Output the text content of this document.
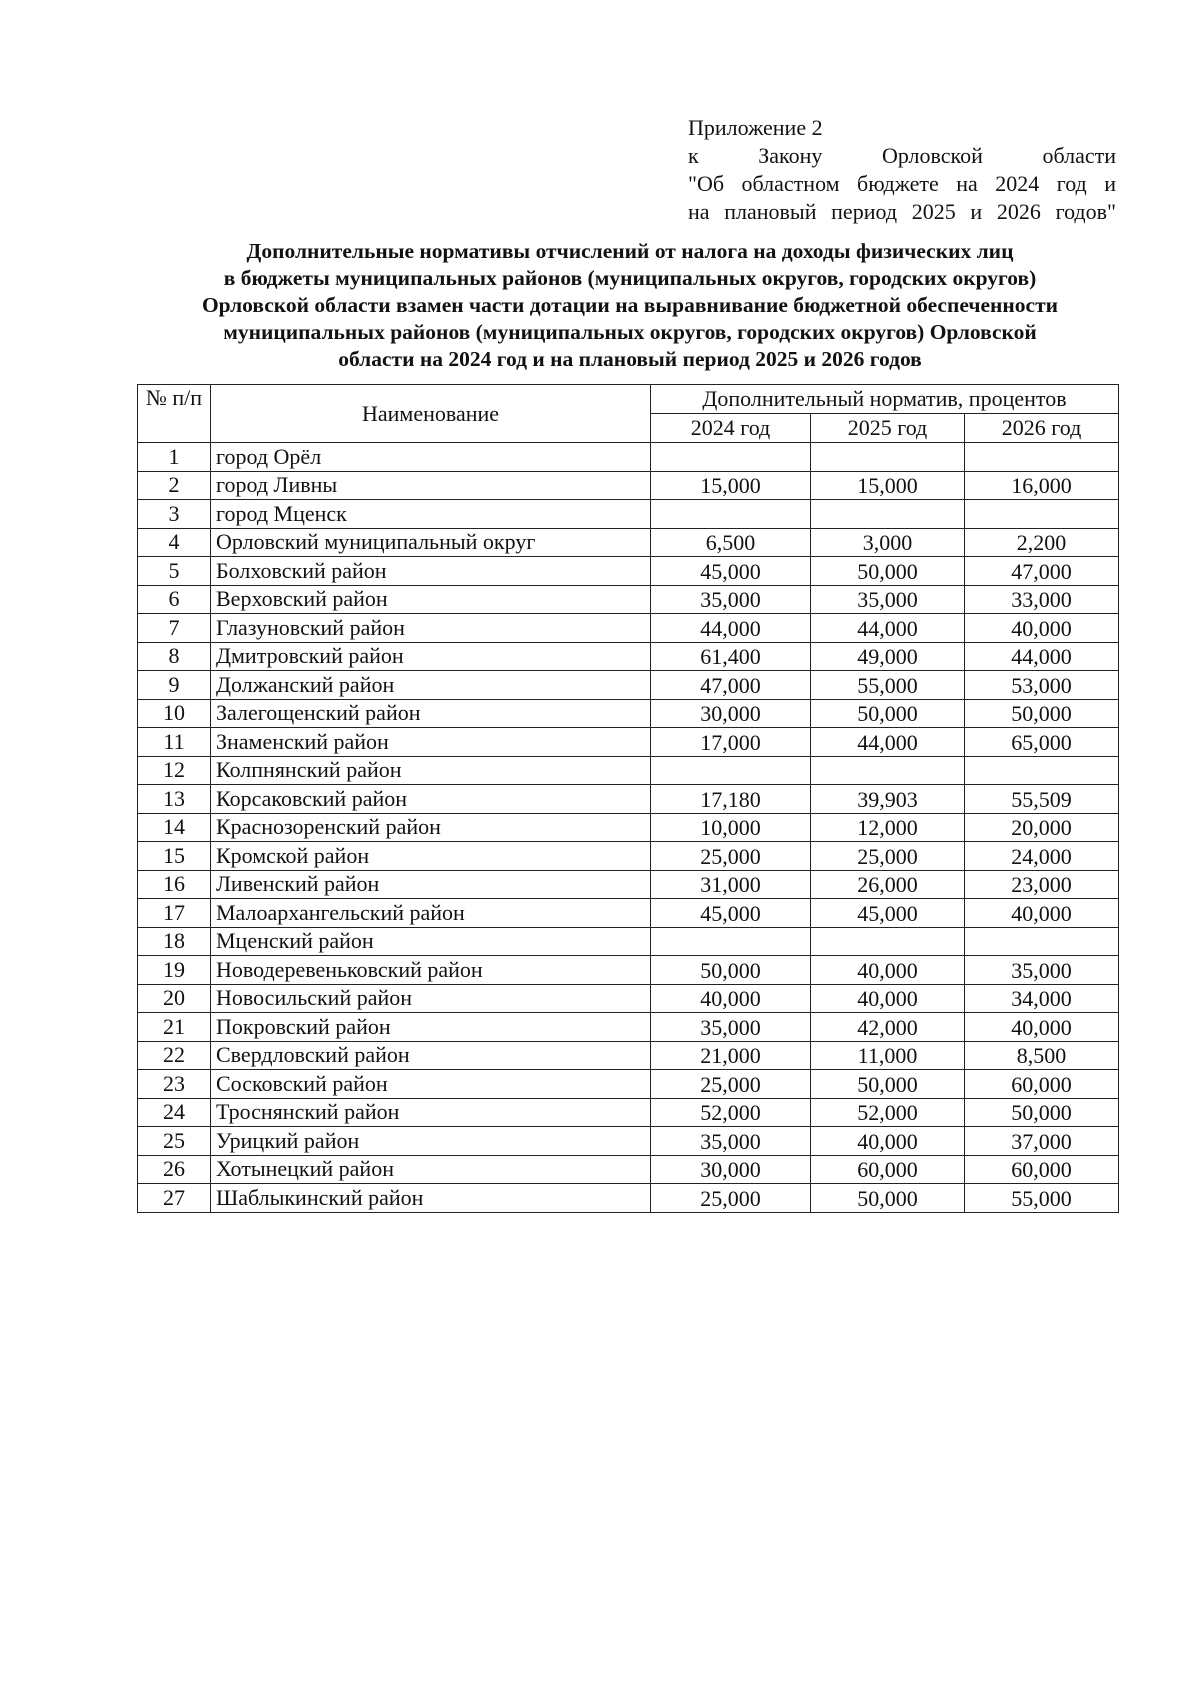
Приложение 2
к Закону Орловской области
"Об областном бюджете на 2024 год и
на плановый период 2025 и 2026 годов"
Дополнительные нормативы отчислений от налога на доходы физических лиц
в бюджеты муниципальных районов (муниципальных округов, городских округов)
Орловской области взамен части дотации на выравнивание бюджетной обеспеченности
муниципальных районов (муниципальных округов, городских округов) Орловской
области на 2024 год и на плановый период 2025 и 2026 годов
№ п/п	Наименование	Дополнительный норматив, процентов		
		2024 год	2025 год	2026 год
1	город Орёл			
2	город Ливны	15,000	15,000	16,000
3	город Мценск			
4	Орловский муниципальный округ	6,500	3,000	2,200
5	Болховский район	45,000	50,000	47,000
6	Верховский район	35,000	35,000	33,000
7	Глазуновский район	44,000	44,000	40,000
8	Дмитровский район	61,400	49,000	44,000
9	Должанский район	47,000	55,000	53,000
10	Залегощенский район	30,000	50,000	50,000
11	Знаменский район	17,000	44,000	65,000
12	Колпнянский район			
13	Корсаковский район	17,180	39,903	55,509
14	Краснозоренский район	10,000	12,000	20,000
15	Кромской район	25,000	25,000	24,000
16	Ливенский район	31,000	26,000	23,000
17	Малоархангельский район	45,000	45,000	40,000
18	Мценский район			
19	Новодеревеньковский район	50,000	40,000	35,000
20	Новосильский район	40,000	40,000	34,000
21	Покровский район	35,000	42,000	40,000
22	Свердловский район	21,000	11,000	8,500
23	Сосковский район	25,000	50,000	60,000
24	Троснянский район	52,000	52,000	50,000
25	Урицкий район	35,000	40,000	37,000
26	Хотынецкий район	30,000	60,000	60,000
27	Шаблыкинский район	25,000	50,000	55,000
